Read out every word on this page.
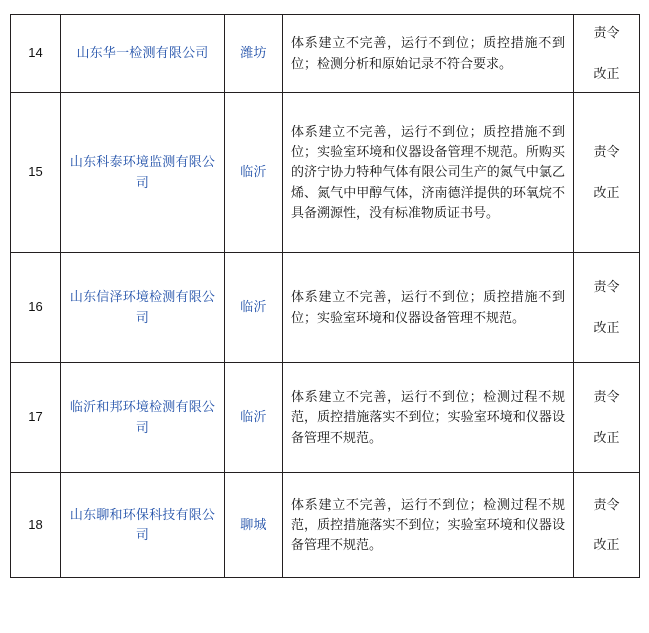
14	山东华一检测有限公司	潍坊	体系建立不完善，运行不到位；质控措施不到位；检测分析和原始记录不符合要求。	责令
改正

15	山东科泰环境监测有限公司	临沂	体系建立不完善，运行不到位；质控措施不到位；实验室环境和仪器设备管理不规范。所购买的济宁协力特种气体有限公司生产的氮气中氯乙烯、氮气中甲醇气体，济南德洋提供的环氧烷不具备溯源性，没有标准物质证书号。	责令
改正

16	山东信泽环境检测有限公司	临沂	体系建立不完善，运行不到位；质控措施不到位；实验室环境和仪器设备管理不规范。	责令
改正

17	临沂和邦环境检测有限公司	临沂	体系建立不完善，运行不到位；检测过程不规范，质控措施落实不到位；实验室环境和仪器设备管理不规范。	责令
改正

18	山东聊和环保科技有限公司	聊城	体系建立不完善，运行不到位；检测过程不规范，质控措施落实不到位；实验室环境和仪器设备管理不规范。	责令
改正
